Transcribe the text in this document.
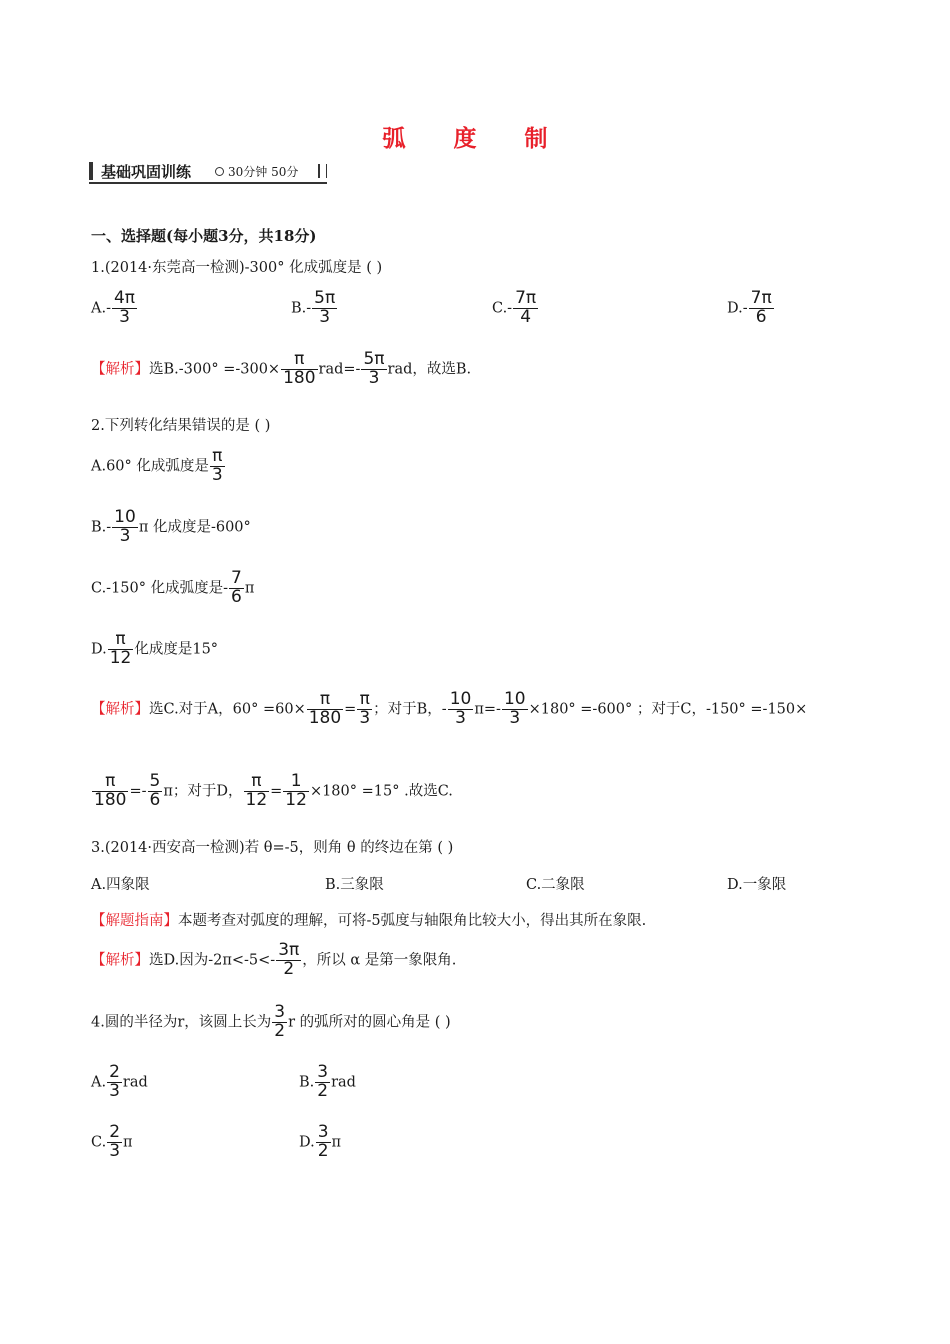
弧 度 制
基础巩固训练	30分钟 50分
一、选择题(每小题3分，共18分)
1.(2014·东莞高一检测)-300° 化成弧度是 ( )
$A.- \frac{4\pi}{3}$	$B.- \frac{5\pi}{3}$	$C.- \frac{7\pi}{4}$	$D.- \frac{7\pi}{6}$
【解析】选$B.-300^\circ =-300\times \frac{\pi}{180} rad=- \frac{5\pi}{3}$ rad，故选B.
2.下列转化结果错误的是 ( )
A.60° 化成弧度是 $\frac{\pi}{3}$
$B.- \frac{10}{3}$ π 化成度是-600°
C.-150° 化成弧度是- $\frac{7}{6}$ π
D. $\frac{\pi}{12}$ 化成度是15°
【解析】选C.对于A，$60^\circ =60\times \frac{\pi}{180} = \frac{\pi}{3}$ ；对于B，- $\frac{10}{3} \pi=- \frac{10}{3} \times 180^\circ =-600^\circ$ ；对于C，-150° =-150×
$\frac{\pi}{180} =- \frac{5}{6}$ π；对于D， $\frac{\pi}{12} = \frac{1}{12} \times 180^\circ =15^\circ$ .故选C.
3.(2014·西安高一检测)若 θ=-5，则角 θ 的终边在第 ( )
A.四象限	B.三象限	C.二象限	D.一象限
【解题指南】本题考查对弧度的理解，可将-5弧度与轴限角比较大小，得出其所在象限.
【解析】选D.因为$-2\pi<-5<- \frac{3\pi}{2}$ ，所以 α 是第一象限角.
4.圆的半径为r，该圆上长为 $\frac{3}{2}$ r 的弧所对的圆心角是 ( )
A. $\frac{2}{3}$ rad	B. $\frac{3}{2}$ rad
C. $\frac{2}{3}$ π	D. $\frac{3}{2}$ π
